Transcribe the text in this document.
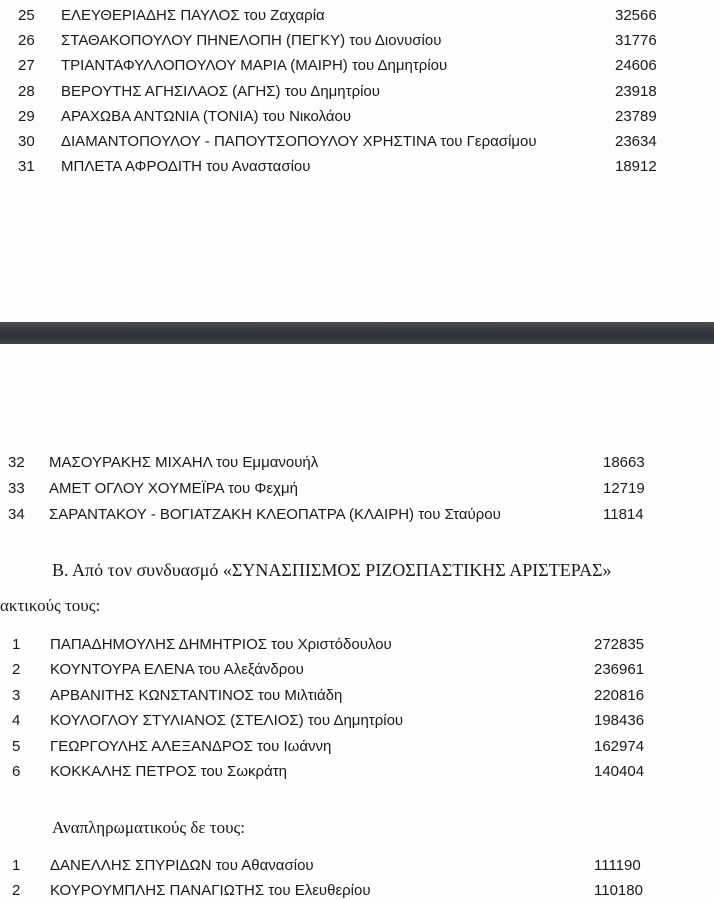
25 ΕΛΕΥΘΕΡΙΑΔΗΣ ΠΑΥΛΟΣ του Ζαχαρία	32566
26 ΣΤΑΘΑΚΟΠΟΥΛΟΥ ΠΗΝΕΛΟΠΗ (ΠΕΓΚΥ) του Διονυσίου	31776
27 ΤΡΙΑΝΤΑΦΥΛΛΟΠΟΥΛΟΥ ΜΑΡΙΑ (ΜΑΙΡΗ) του Δημητρίου	24606
28 ΒΕΡΟΥΤΗΣ ΑΓΗΣΙΛΑΟΣ (ΑΓΗΣ) του Δημητρίου	23918
29 ΑΡΑΧΩΒΑ ΑΝΤΩΝΙΑ (ΤΟΝΙΑ) του Νικολάου	23789
30 ΔΙΑΜΑΝΤΟΠΟΥΛΟΥ - ΠΑΠΟΥΤΣΟΠΟΥΛΟΥ ΧΡΗΣΤΙΝΑ του Γερασίμου	23634
31 ΜΠΛΕΤΑ ΑΦΡΟΔΙΤΗ του Αναστασίου	18912
32 ΜΑΣΟΥΡΑΚΗΣ ΜΙΧΑΗΛ του Εμμανουήλ	18663
33 ΑΜΕΤ ΟΓΛΟΥ ΧΟΥΜΕΪΡΑ του Φεχμή	12719
34 ΣΑΡΑΝΤΑΚΟΥ - ΒΟΓΙΑΤΖΑΚΗ ΚΛΕΟΠΑΤΡΑ (ΚΛΑΙΡΗ) του Σταύρου	11814
Β. Από τον συνδυασμό «ΣΥΝΑΣΠΙΣΜΟΣ ΡΙΖΟΣΠΑΣΤΙΚΗΣ ΑΡΙΣΤΕΡΑΣ»
ακτικούς τους:
1 ΠΑΠΑΔΗΜΟΥΛΗΣ ΔΗΜΗΤΡΙΟΣ του Χριστόδουλου	272835
2 ΚΟΥΝΤΟΥΡΑ ΕΛΕΝΑ του Αλεξάνδρου	236961
3 ΑΡΒΑΝΙΤΗΣ ΚΩΝΣΤΑΝΤΙΝΟΣ του Μιλτιάδη	220816
4 ΚΟΥΛΟΓΛΟΥ ΣΤΥΛΙΑΝΟΣ (ΣΤΕΛΙΟΣ) του Δημητρίου	198436
5 ΓΕΩΡΓΟΥΛΗΣ ΑΛΕΞΑΝΔΡΟΣ του Ιωάννη	162974
6 ΚΟΚΚΑΛΗΣ ΠΕΤΡΟΣ του Σωκράτη	140404
Αναπληρωματικούς δε τους:
1 ΔΑΝΕΛΛΗΣ ΣΠΥΡΙΔΩΝ του Αθανασίου	111190
2 ΚΟΥΡΟΥΜΠΛΗΣ ΠΑΝΑΓΙΩΤΗΣ του Ελευθερίου	110180
